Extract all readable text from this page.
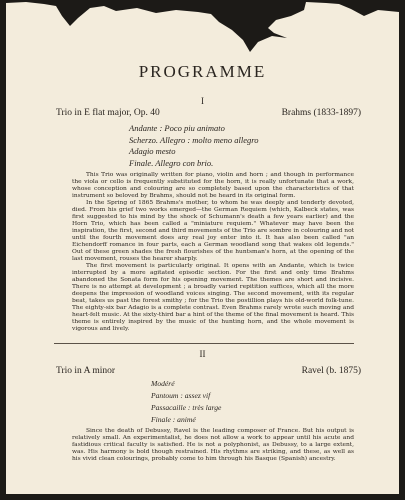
PROGRAMME
I
Trio in E flat major, Op. 40	Brahms (1833-1897)
Andante : Poco piu animato
Scherzo. Allegro : molto meno allegro
Adagio mesto
Finale. Allegro con brio.

This Trio was originally written for piano, violin and horn ; and though in performance the viola or cello is frequently substituted for the horn, it is really unfortunate that a work, whose conception and colouring are so completely based upon the characteristics of that instrument so beloved by Brahms, should not be heard in its original form.

In the Spring of 1865 Brahms's mother, to whom he was deeply and tenderly devoted, died. From his grief two works emerged—the German Requiem (which, Kalbeck states, was first suggested to his mind by the shock of Schumann's death a few years earlier) and the Horn Trio, which has been called a "miniature requiem." Whatever may have been the inspiration, the first, second and third movements of the Trio are sombre in colouring and not until the fourth movement does any real joy enter into it. It has also been called "an Eichendorff romance in four parts, each a German woodland song that wakes old legends." Out of these green shades the fresh flourishes of the huntsman's horn, at the opening of the last movement, rouses the hearer sharply.

The first movement is particularly original. It opens with an Andante, which is twice interrupted by a more agitated episodic section. For the first and only time Brahms abandoned the Sonata form for his opening movement. The themes are short and incisive. There is no attempt at development ; a broadly varied repitition suffices, which all the more deepens the impression of woodland voices singing. The second movement, with its regular beat, takes us past the forest smithy ; for the Trio the postillion plays his old-world folk-tune. The eighty-six bar Adagio is a complete contrast. Even Brahms rarely wrote such moving and heart-felt music. At the sixty-third bar a hint of the theme of the final movement is heard. This theme is entirely inspired by the music of the hunting horn, and the whole movement is vigorous and lively.

II
Trio in A minor	Ravel (b. 1875)
Modéré
Pantoum : assez vif
Passacaille : très large
Finale : animé

Since the death of Debussy, Ravel is the leading composer of France. But his output is relatively small. An experimentalist, he does not allow a work to appear until his acute and fastidious critical faculty is satisfied. He is not a polyphonist, as Debussy, to a large extent, was. His harmony is bold though restrained. His rhythms are striking, and these, as well as his vivid clean colourings, probably come to him through his Basque (Spanish) ancestry.
